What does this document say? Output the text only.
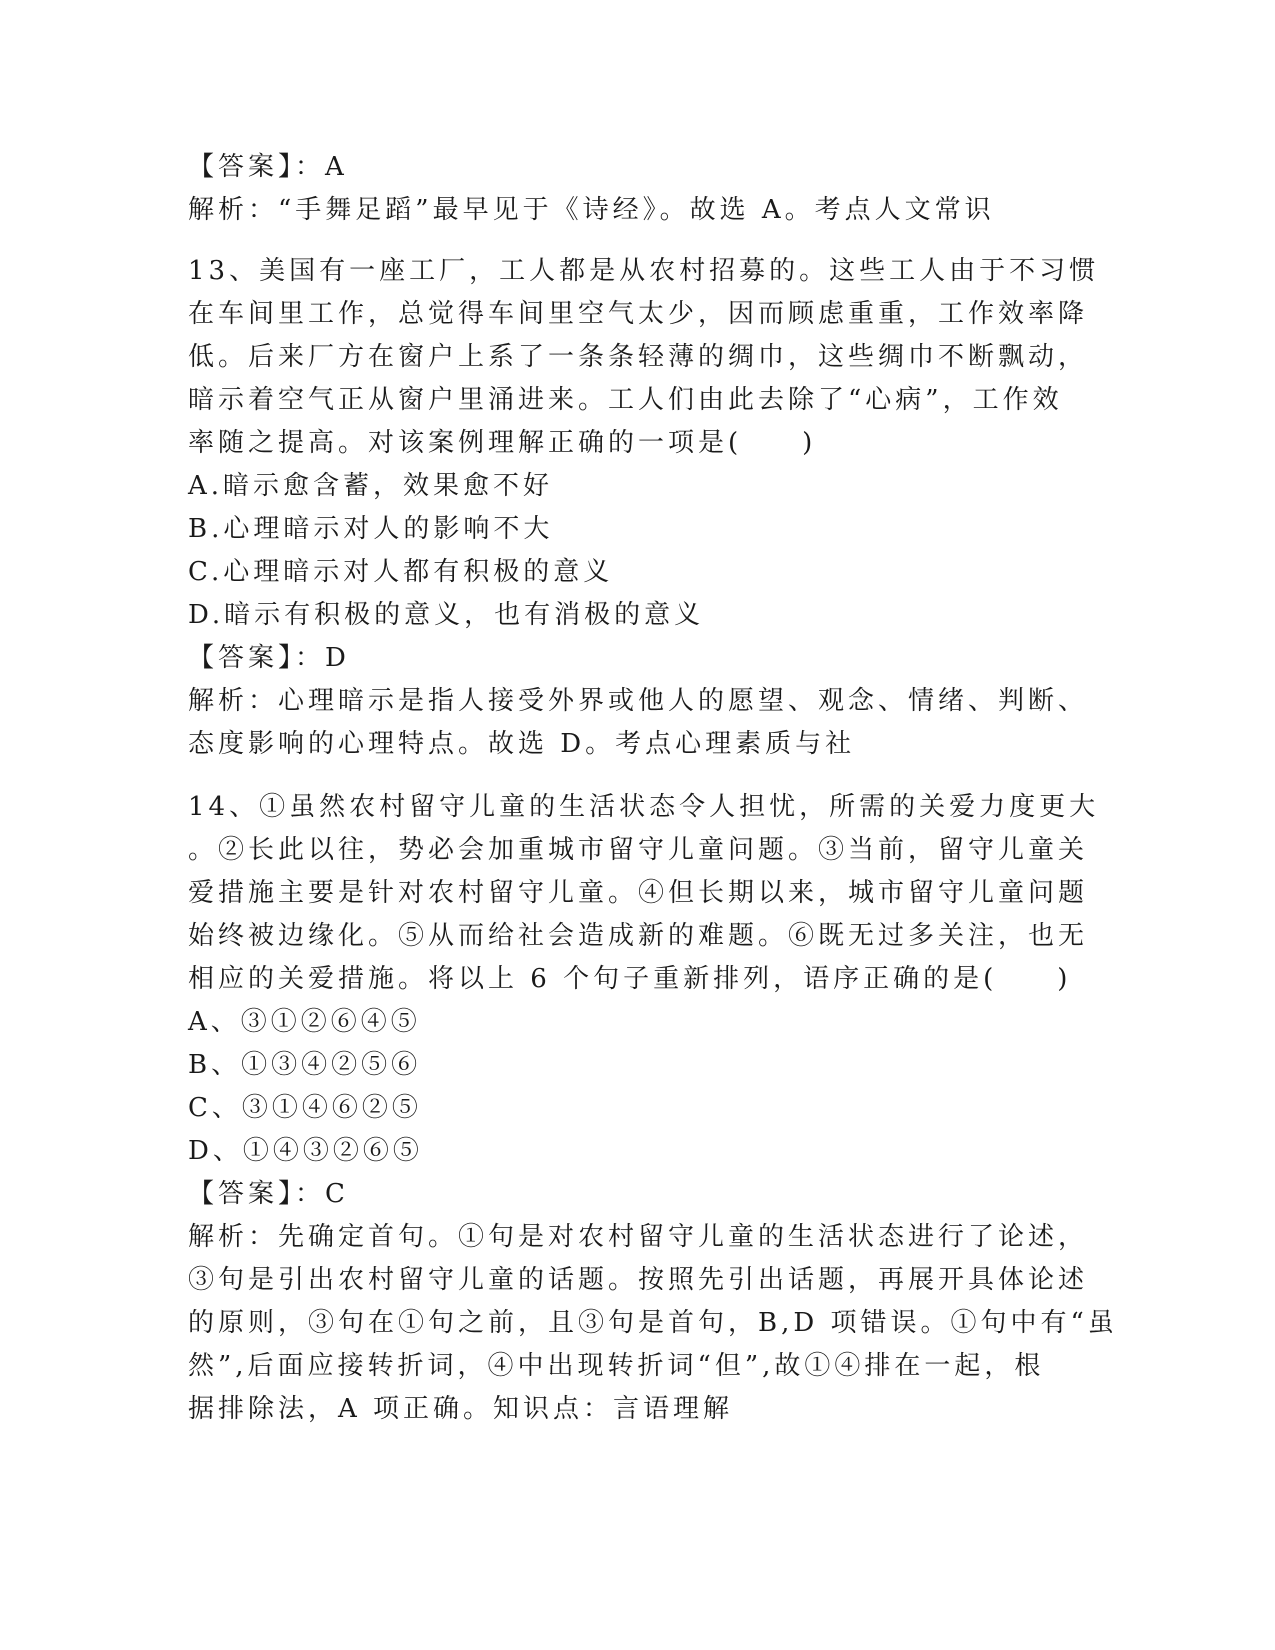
【答案】：A
解析：“手舞足蹈”最早见于《诗经》。故选 A。考点人文常识
13、美国有一座工厂，工人都是从农村招募的。这些工人由于不习惯
在车间里工作，总觉得车间里空气太少，因而顾虑重重，工作效率降
低。后来厂方在窗户上系了一条条轻薄的绸巾，这些绸巾不断飘动，
暗示着空气正从窗户里涌进来。工人们由此去除了“心病”，工作效
率随之提高。对该案例理解正确的一项是(　　)
A.暗示愈含蓄，效果愈不好
B.心理暗示对人的影响不大
C.心理暗示对人都有积极的意义
D.暗示有积极的意义，也有消极的意义
【答案】：D
解析：心理暗示是指人接受外界或他人的愿望、观念、情绪、判断、
态度影响的心理特点。故选 D。考点心理素质与社
14、①虽然农村留守儿童的生活状态令人担忧，所需的关爱力度更大
。②长此以往，势必会加重城市留守儿童问题。③当前，留守儿童关
爱措施主要是针对农村留守儿童。④但长期以来，城市留守儿童问题
始终被边缘化。⑤从而给社会造成新的难题。⑥既无过多关注，也无
相应的关爱措施。将以上 6 个句子重新排列，语序正确的是(　　)
A、③①②⑥④⑤
B、①③④②⑤⑥
C、③①④⑥②⑤
D、①④③②⑥⑤
【答案】：C
解析：先确定首句。①句是对农村留守儿童的生活状态进行了论述，
③句是引出农村留守儿童的话题。按照先引出话题，再展开具体论述
的原则，③句在①句之前，且③句是首句，B,D 项错误。①句中有“虽
然”,后面应接转折词，④中出现转折词“但”,故①④排在一起，根
据排除法，A 项正确。知识点：言语理解
